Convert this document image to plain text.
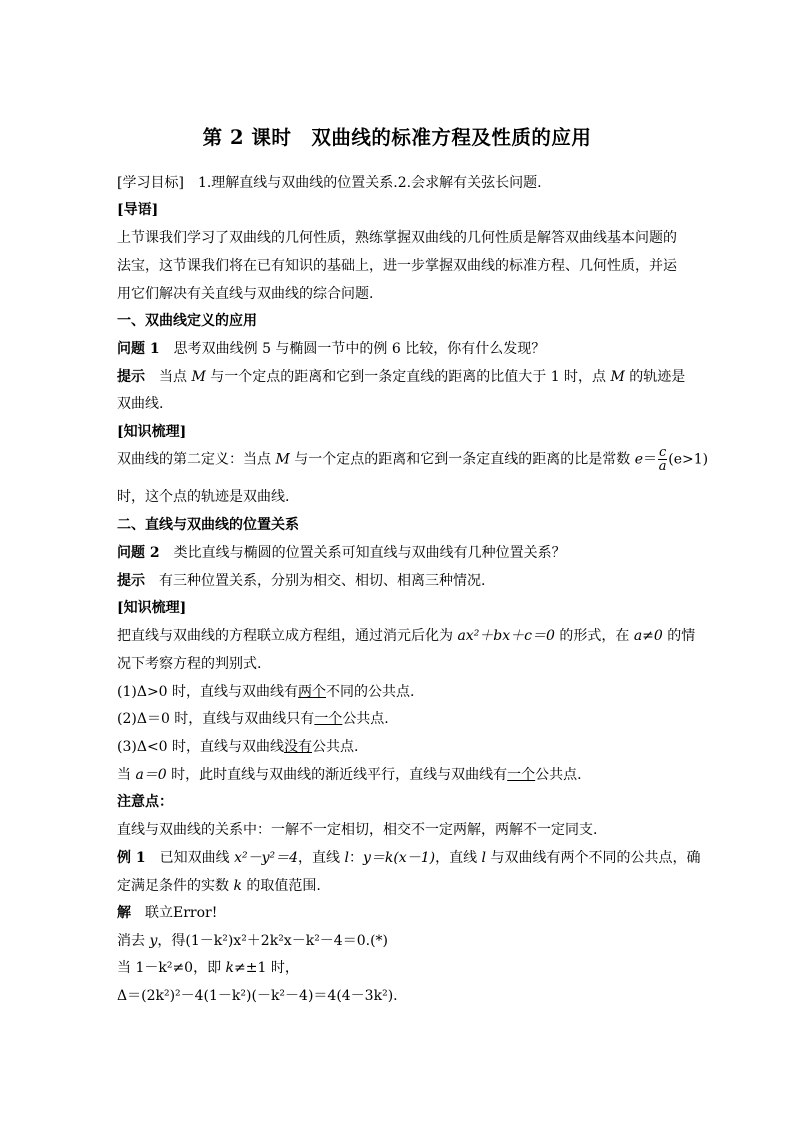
第 2 课时　双曲线的标准方程及性质的应用
[学习目标]　 1.理解直线与双曲线的位置关系.2.会求解有关弦长问题.
[导语]
上节课我们学习了双曲线的几何性质，熟练掌握双曲线的几何性质是解答双曲线基本问题的
法宝，这节课我们将在已有知识的基础上，进一步掌握双曲线的标准方程、几何性质，并运
用它们解决有关直线与双曲线的综合问题.
一、双曲线定义的应用
问题 1　 思考双曲线例 5 与椭圆一节中的例 6 比较，你有什么发现？
提示　 当点 M 与一个定点的距离和它到一条定直线的距离的比值大于 1 时，点 M 的轨迹是
双曲线.
[知识梳理]
双曲线的第二定义：当点 M 与一个定点的距离和它到一条定直线的距离的比是常数 $e= \frac{c}{a} (e>1)$
时，这个点的轨迹是双曲线.
二、直线与双曲线的位置关系
问题 2　 类比直线与椭圆的位置关系可知直线与双曲线有几种位置关系？
提示　 有三种位置关系，分别为相交、相切、相离三种情况.
[知识梳理]
把直线与双曲线的方程联立成方程组，通过消元后化为 ax²＋bx＋c＝0 的形式，在 a≠0 的情
况下考察方程的判别式.
(1)Δ>0 时，直线与双曲线有两个不同的公共点.
(2)Δ＝0 时，直线与双曲线只有一个公共点.
(3)Δ<0 时，直线与双曲线没有公共点.
当 a＝0 时，此时直线与双曲线的渐近线平行，直线与双曲线有一个公共点.
注意点：
直线与双曲线的关系中：一解不一定相切，相交不一定两解，两解不一定同支.
例 1　 已知双曲线 x²－y²＝4，直线 l：y＝k(x－1)，直线 l 与双曲线有两个不同的公共点，确
定满足条件的实数 k 的取值范围.
解　 联立Error!
消去 y，得(1－k²)x²＋2k²x－k²－4＝0.(*)
当 1－k²≠0，即 k≠±1 时，
Δ＝(2k²)²－4(1－k²)(－k²－4)＝4(4－3k²).
